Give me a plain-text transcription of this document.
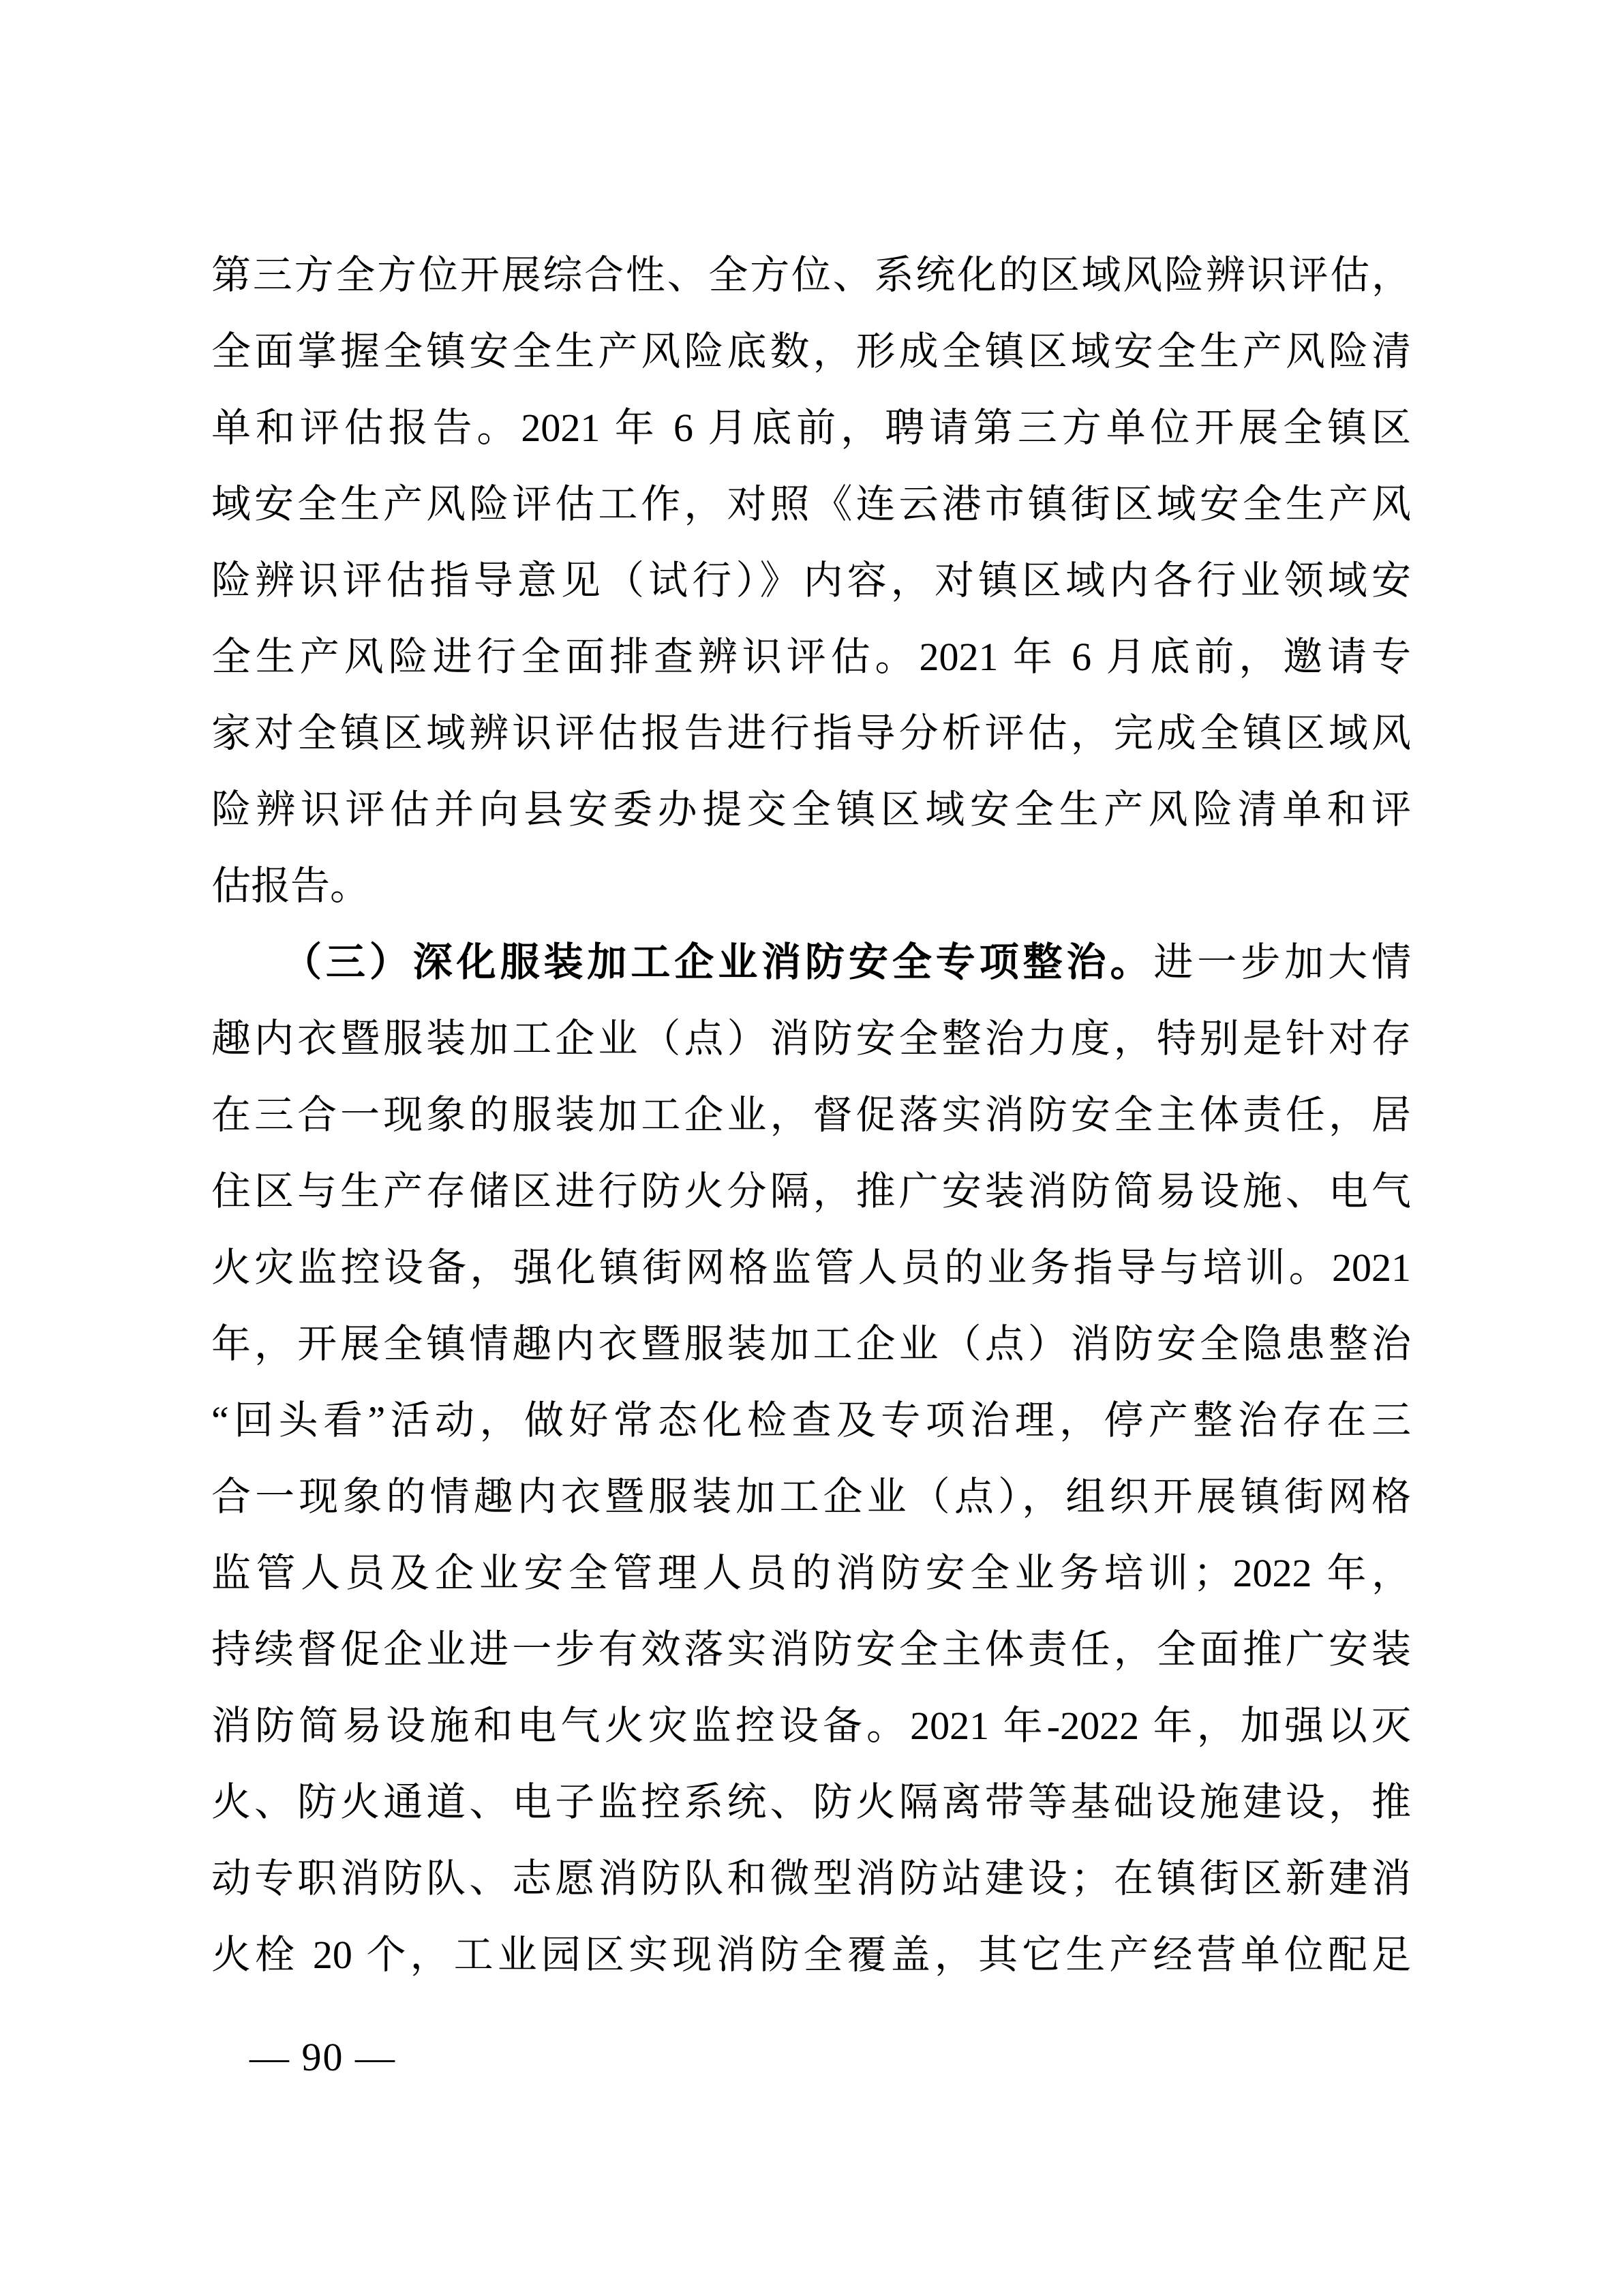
第三方全方位开展综合性、全方位、系统化的区域风险辨识评估，
全面掌握全镇安全生产风险底数，形成全镇区域安全生产风险清
单和评估报告。2021 年 6 月底前，聘请第三方单位开展全镇区
域安全生产风险评估工作，对照《连云港市镇街区域安全生产风
险辨识评估指导意见（试行）》内容，对镇区域内各行业领域安
全生产风险进行全面排查辨识评估。2021 年 6 月底前，邀请专
家对全镇区域辨识评估报告进行指导分析评估，完成全镇区域风
险辨识评估并向县安委办提交全镇区域安全生产风险清单和评
估报告。
（三）深化服装加工企业消防安全专项整治。进一步加大情
趣内衣暨服装加工企业（点）消防安全整治力度，特别是针对存
在三合一现象的服装加工企业，督促落实消防安全主体责任，居
住区与生产存储区进行防火分隔，推广安装消防简易设施、电气
火灾监控设备，强化镇街网格监管人员的业务指导与培训。2021
年，开展全镇情趣内衣暨服装加工企业（点）消防安全隐患整治
“回头看”活动，做好常态化检查及专项治理，停产整治存在三
合一现象的情趣内衣暨服装加工企业（点），组织开展镇街网格
监管人员及企业安全管理人员的消防安全业务培训；2022 年，
持续督促企业进一步有效落实消防安全主体责任，全面推广安装
消防简易设施和电气火灾监控设备。2021 年-2022 年，加强以灭
火、防火通道、电子监控系统、防火隔离带等基础设施建设，推
动专职消防队、志愿消防队和微型消防站建设；在镇街区新建消
火栓 20 个，工业园区实现消防全覆盖，其它生产经营单位配足
— 90 —
